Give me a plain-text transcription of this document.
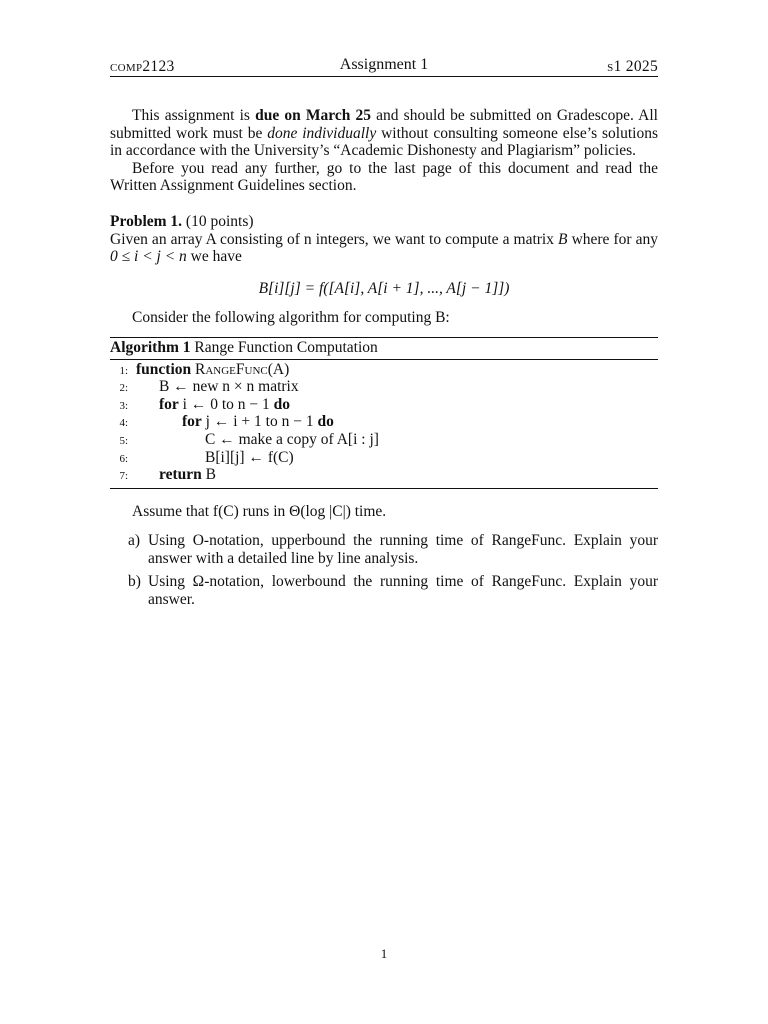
comp2123	Assignment 1	s1 2025

This assignment is due on March 25 and should be submitted on Gradescope. All submitted work must be done individually without consulting someone else’s solutions in accordance with the University’s “Academic Dishonesty and Plagiarism” policies.

Before you read any further, go to the last page of this document and read the Written Assignment Guidelines section.

Problem 1. (10 points)

Given an array A consisting of n integers, we want to compute a matrix B where for any 0 ≤ i < j < n we have

B[i][j] = f([A[i], A[i + 1], ..., A[j − 1]])

Consider the following algorithm for computing B:

Algorithm 1 Range Function Computation
1: function RangeFunc(A)
2: B ← new n × n matrix
3: for i ← 0 to n − 1 do
4:	for j ← i + 1 to n − 1 do
5:	C ← make a copy of A[i : j]
6:	B[i][j] ← f(C)
7: return B

Assume that f(C) runs in Θ(log |C|) time.

a) Using O-notation, upperbound the running time of RangeFunc. Explain your answer with a detailed line by line analysis.
b) Using Ω-notation, lowerbound the running time of RangeFunc. Explain your answer.
1
